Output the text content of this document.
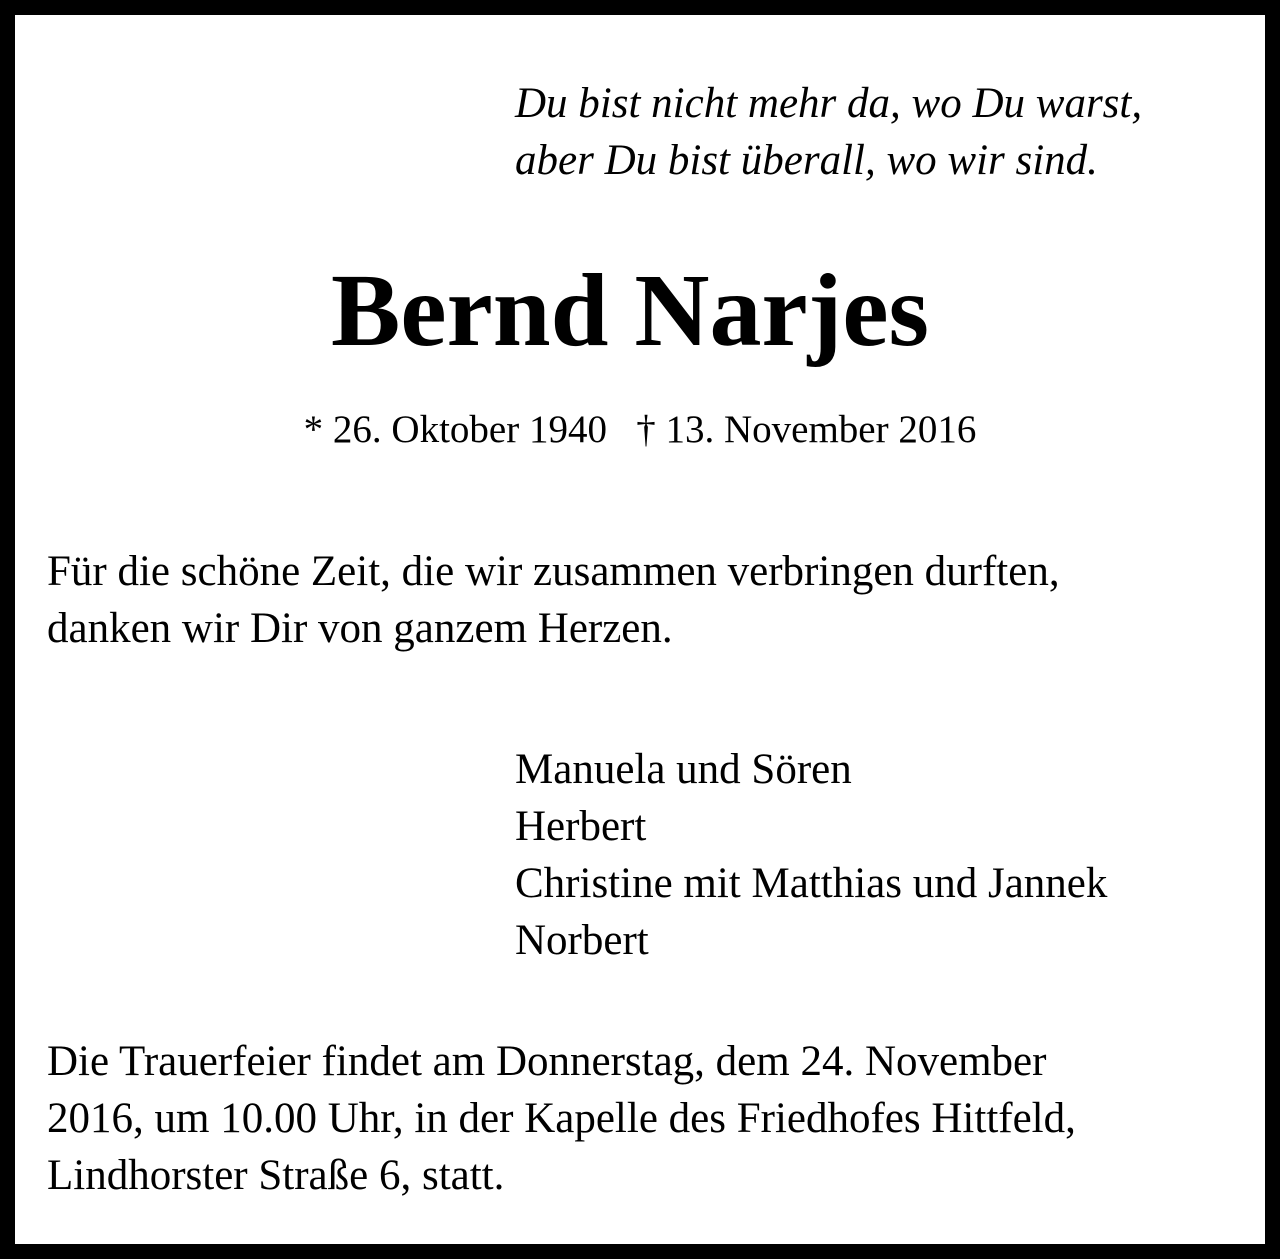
Du bist nicht mehr da, wo Du warst,
aber Du bist überall, wo wir sind.
Bernd Narjes
* 26. Oktober 1940 † 13. November 2016
Für die schöne Zeit, die wir zusammen verbringen durften,
danken wir Dir von ganzem Herzen.
Manuela und Sören
Herbert
Christine mit Matthias und Jannek
Norbert
Die Trauerfeier findet am Donnerstag, dem 24. November
2016, um 10.00 Uhr, in der Kapelle des Friedhofes Hittfeld,
Lindhorster Straße 6, statt.
